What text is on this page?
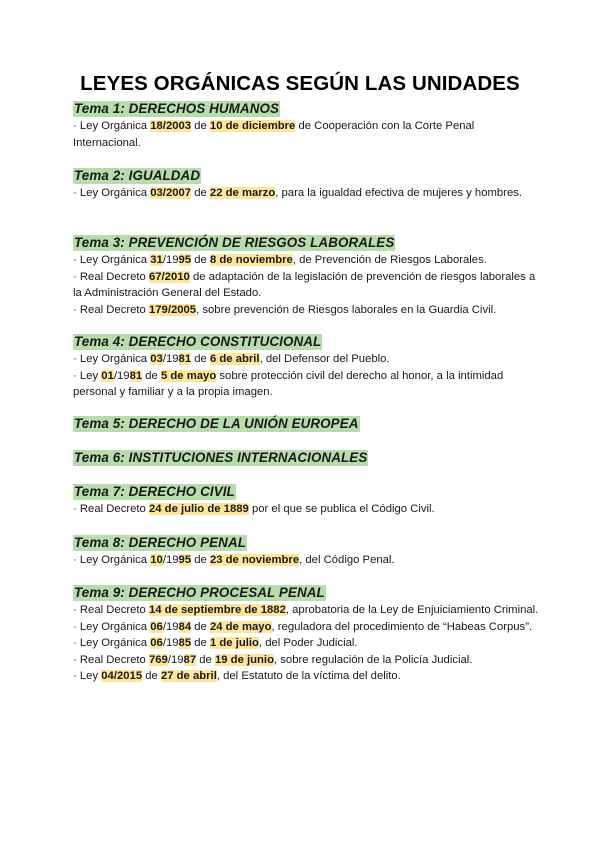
LEYES ORGÁNICAS SEGÚN LAS UNIDADES
Tema 1: DERECHOS HUMANOS
· Ley Orgánica 18/2003 de 10 de diciembre de Cooperación con la Corte Penal Internacional.
Tema 2: IGUALDAD
· Ley Orgánica 03/2007 de 22 de marzo, para la igualdad efectiva de mujeres y hombres.
Tema 3: PREVENCIÓN DE RIESGOS LABORALES
· Ley Orgánica 31/1995 de 8 de noviembre, de Prevención de Riesgos Laborales.
· Real Decreto 67/2010 de adaptación de la legislación de prevención de riesgos laborales a la Administración General del Estado.
· Real Decreto 179/2005, sobre prevención de Riesgos laborales en la Guardia Civil.
Tema 4: DERECHO CONSTITUCIONAL
· Ley Orgánica 03/1981 de 6 de abril, del Defensor del Pueblo.
· Ley 01/1981 de 5 de mayo sobre protección civil del derecho al honor, a la intimidad personal y familiar y a la propia imagen.
Tema 5: DERECHO DE LA UNIÓN EUROPEA
Tema 6: INSTITUCIONES INTERNACIONALES
Tema 7: DERECHO CIVIL
· Real Decreto 24 de julio de 1889 por el que se publica el Código Civil.
Tema 8: DERECHO PENAL
· Ley Orgánica 10/1995 de 23 de noviembre, del Código Penal.
Tema 9: DERECHO PROCESAL PENAL
· Real Decreto 14 de septiembre de 1882, aprobatoria de la Ley de Enjuiciamiento Criminal.
· Ley Orgánica 06/1984 de 24 de mayo, reguladora del procedimiento de “Habeas Corpus”.
· Ley Orgánica 06/1985 de 1 de julio, del Poder Judicial.
· Real Decreto 769/1987 de 19 de junio, sobre regulación de la Policía Judicial.
· Ley 04/2015 de 27 de abril, del Estatuto de la víctima del delito.
